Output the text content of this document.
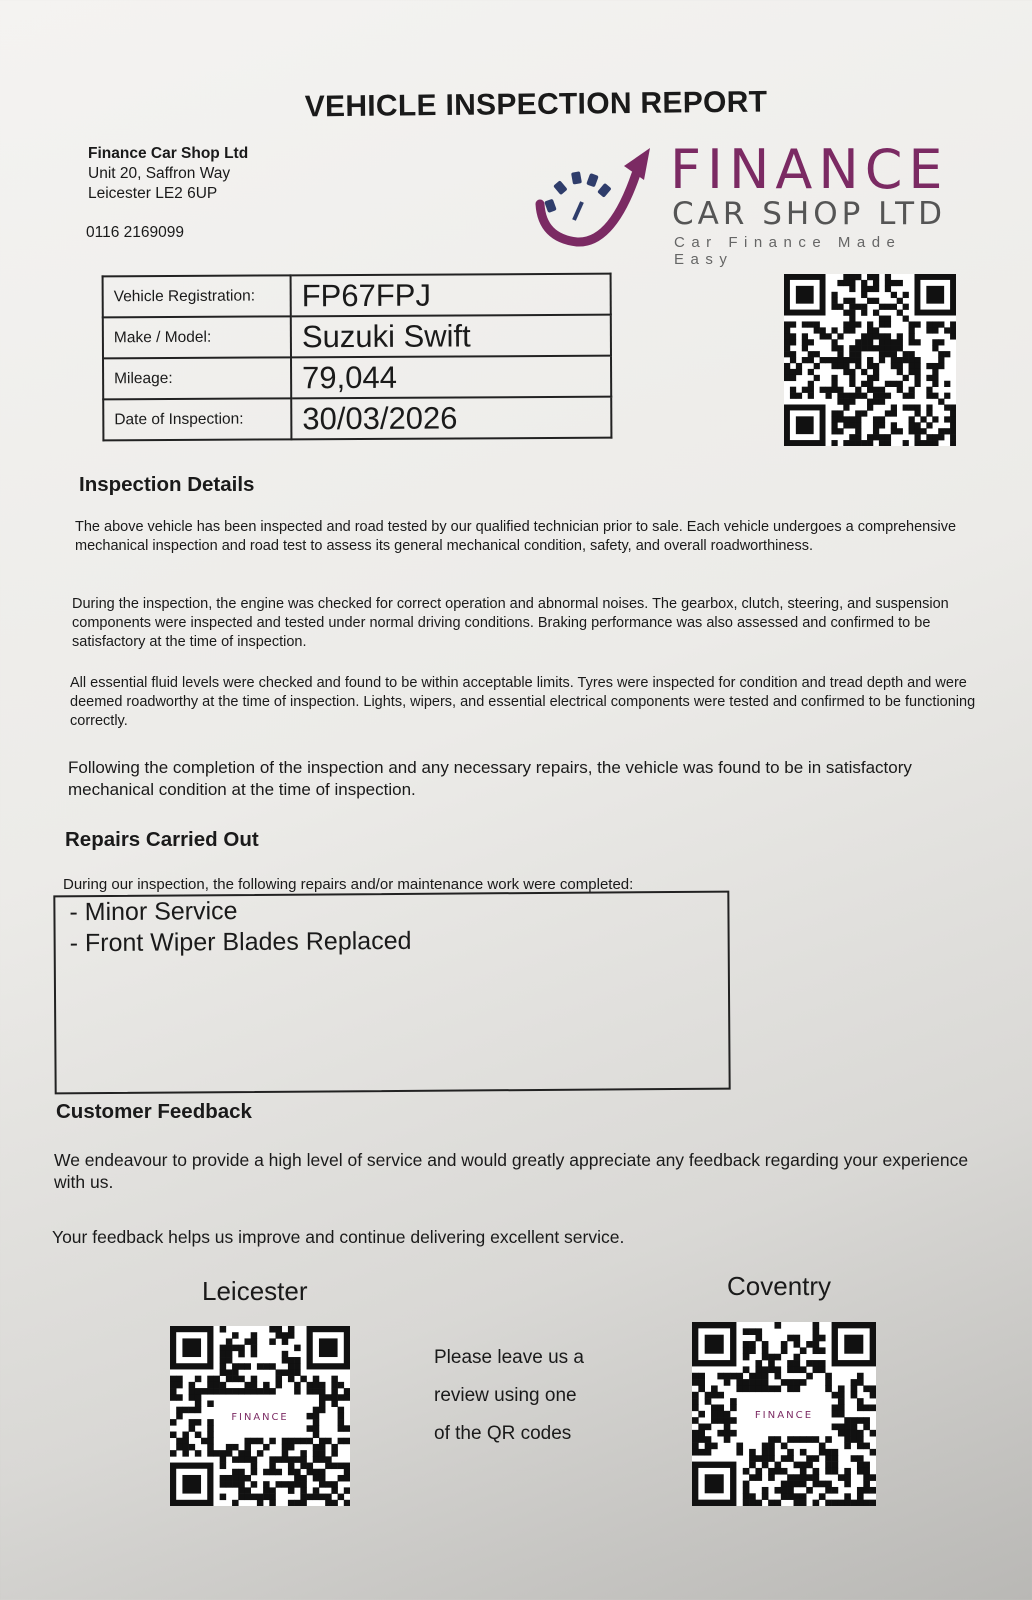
VEHICLE INSPECTION REPORT
Finance Car Shop Ltd
Unit 20, Saffron Way
Leicester LE2 6UP
0116 2169099
FINANCE
CAR SHOP LTD
Car Finance Made Easy
Vehicle Registration:	FP67FPJ
Make / Model:	Suzuki Swift
Mileage:	79,044
Date of Inspection:	30/03/2026
Inspection Details
The above vehicle has been inspected and road tested by our qualified technician prior to sale. Each vehicle undergoes a comprehensive mechanical inspection and road test to assess its general mechanical condition, safety, and overall roadworthiness.
During the inspection, the engine was checked for correct operation and abnormal noises. The gearbox, clutch, steering, and suspension components were inspected and tested under normal driving conditions. Braking performance was also assessed and confirmed to be satisfactory at the time of inspection.
All essential fluid levels were checked and found to be within acceptable limits. Tyres were inspected for condition and tread depth and were deemed roadworthy at the time of inspection. Lights, wipers, and essential electrical components were tested and confirmed to be functioning correctly.
Following the completion of the inspection and any necessary repairs, the vehicle was found to be in satisfactory mechanical condition at the time of inspection.
Repairs Carried Out
During our inspection, the following repairs and/or maintenance work were completed:
- Minor Service
- Front Wiper Blades Replaced
Customer Feedback
We endeavour to provide a high level of service and would greatly appreciate any feedback regarding your experience with us.
Your feedback helps us improve and continue delivering excellent service.
Leicester	Coventry
FINANCE	FINANCE
Please leave us a
review using one
of the QR codes
